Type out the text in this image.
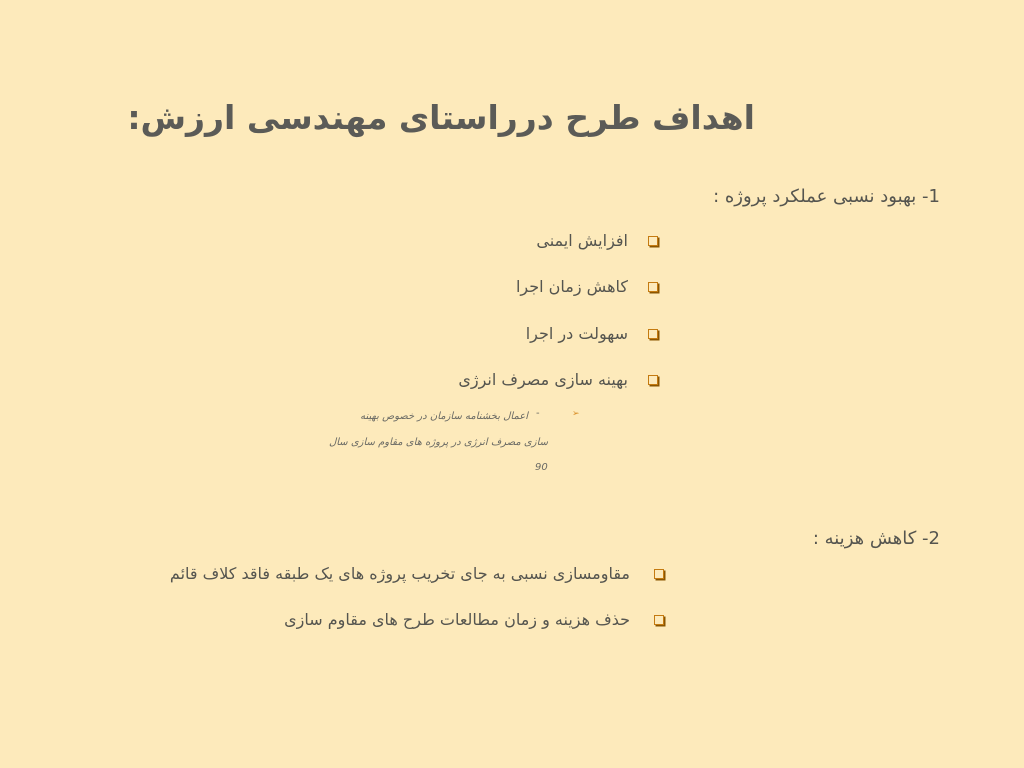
اهداف طرح درراستای مهندسی ارزش:
1- بهبود نسبی عملکرد پروژه :
افزایش ایمنی
کاهش زمان اجرا
سهولت در اجرا
بهینه سازی مصرف انرژی
➢
-
اعمال بخشنامه سازمان در خصوص بهینه
سازی مصرف انرژی در پروژه های مقاوم سازی سال
90
2- کاهش هزینه :
مقاومسازی نسبی به جای تخریب پروژه های یک طبقه فاقد کلاف قائم
حذف هزینه و زمان مطالعات طرح های مقاوم سازی
